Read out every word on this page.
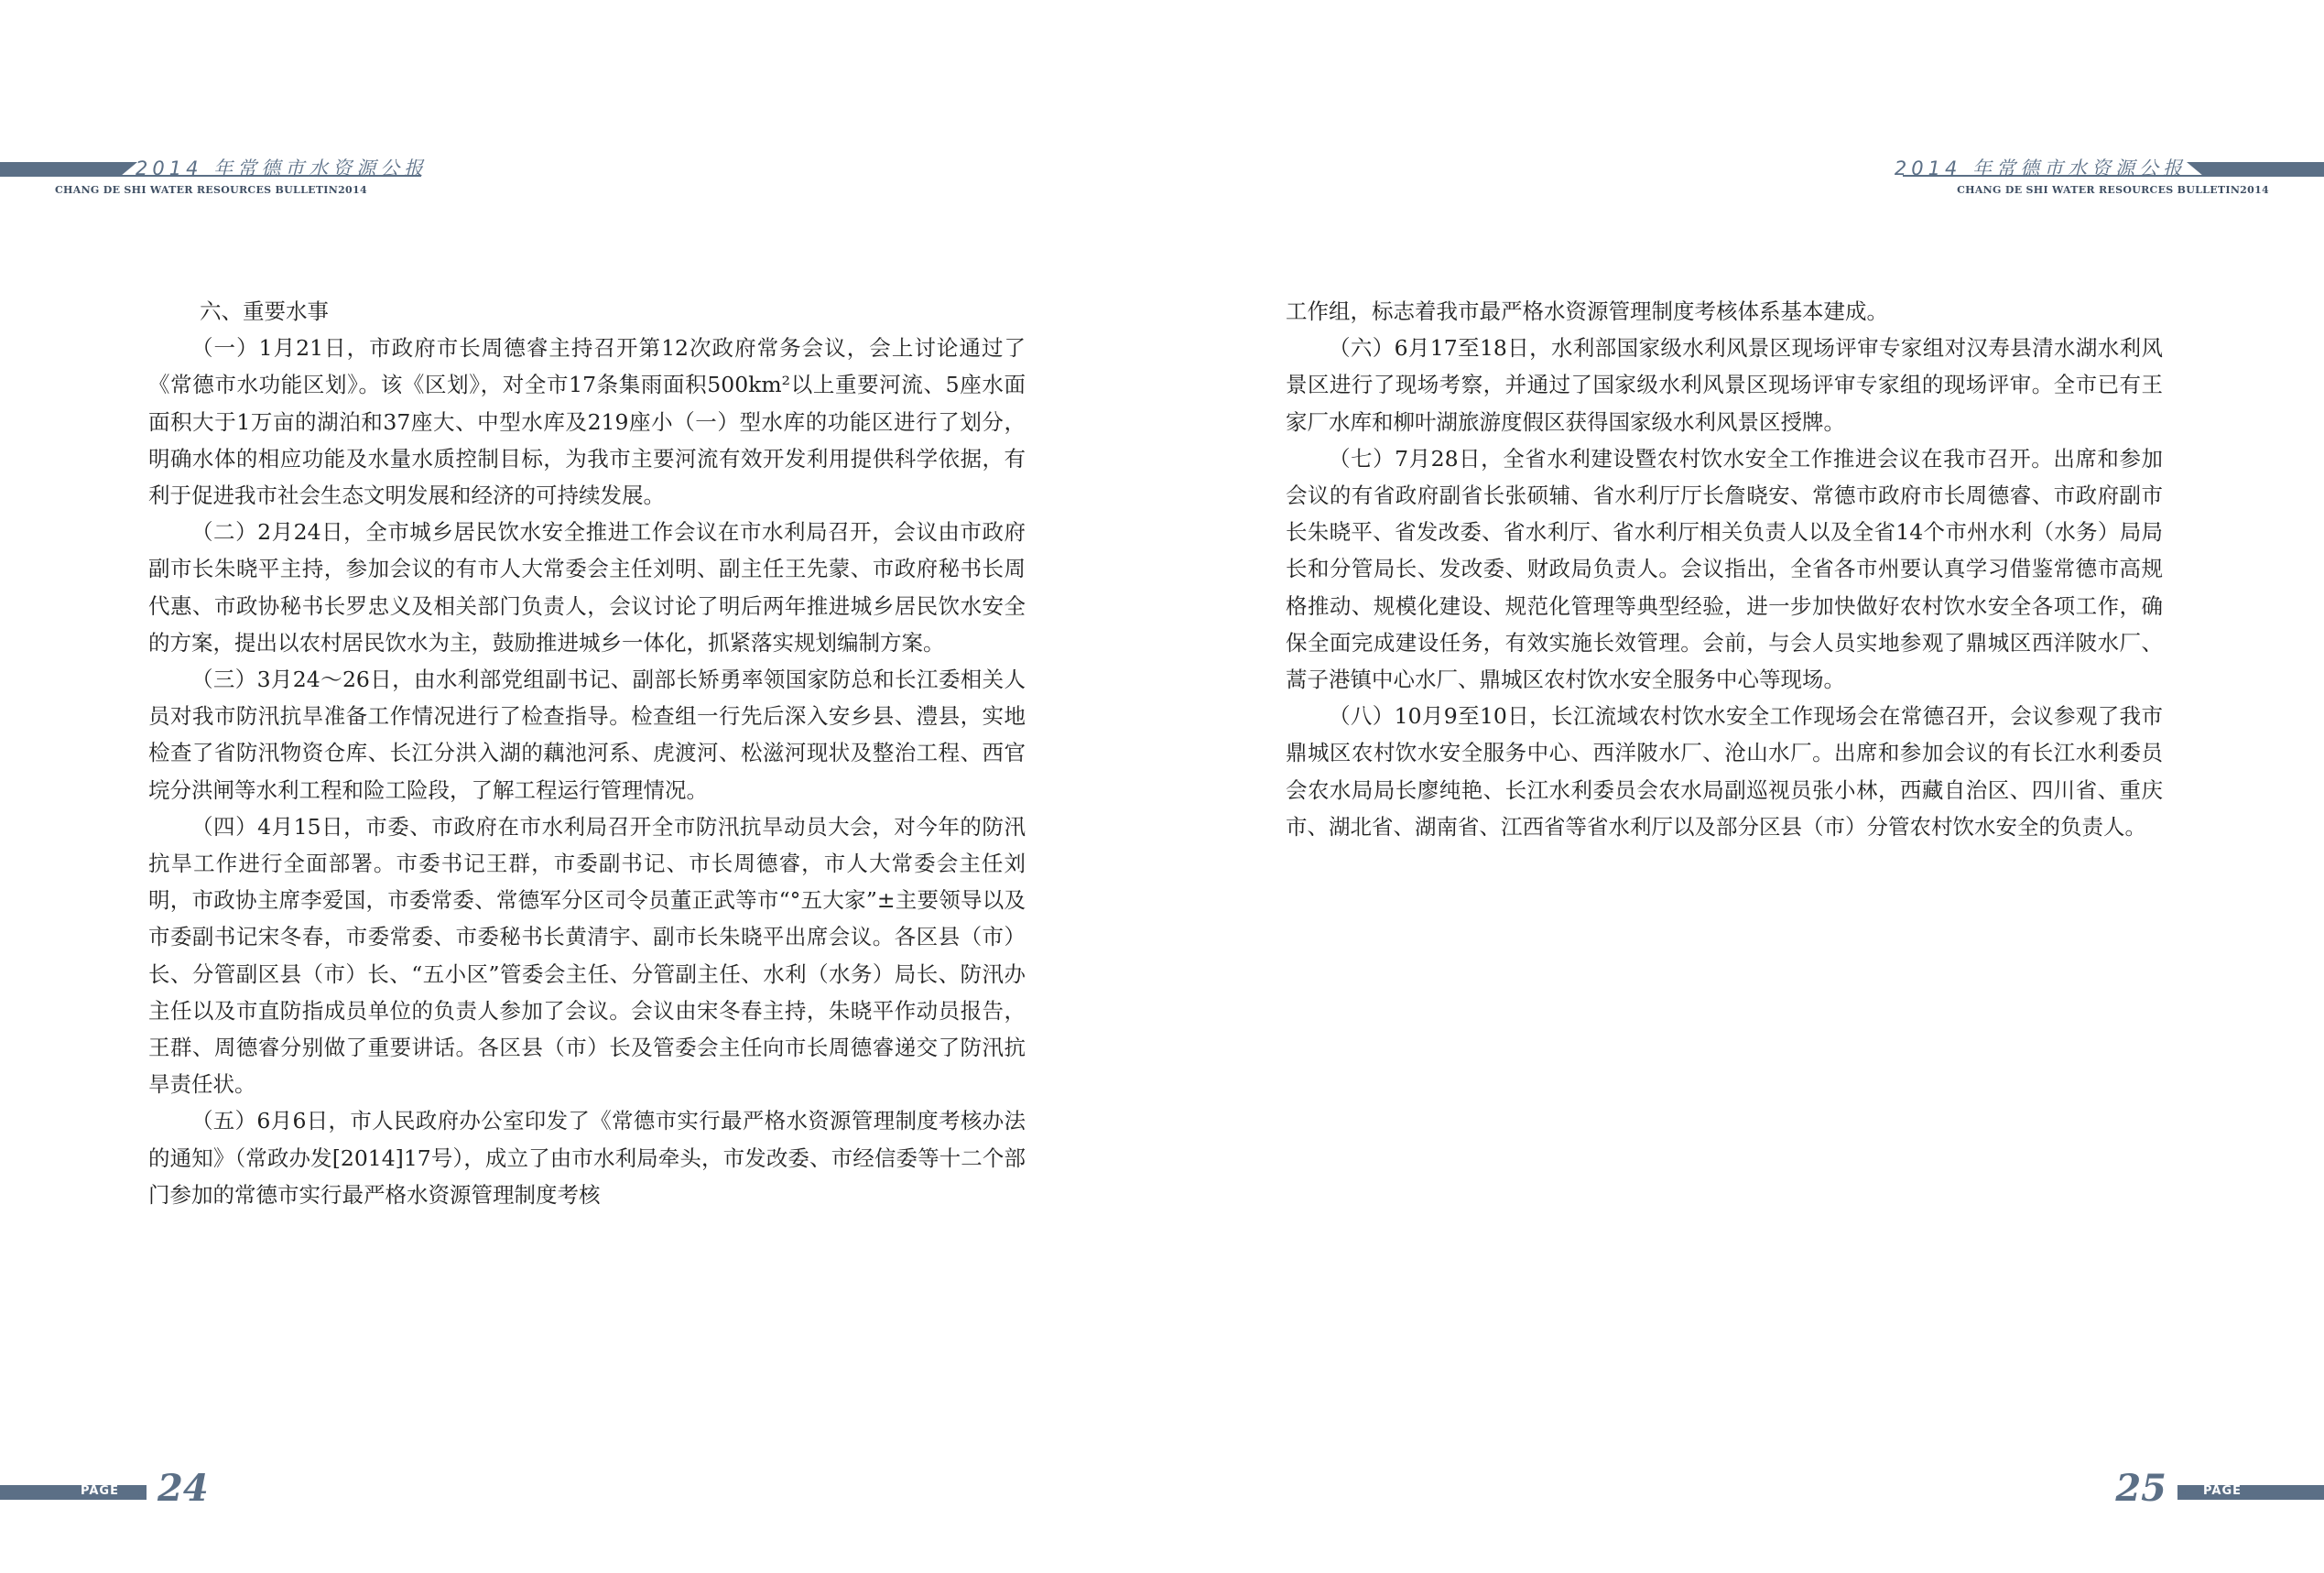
2014 年常德市水资源公报
CHANG DE SHI WATER RESOURCES BULLETIN2014
六、重要水事

（一）1月21日，市政府市长周德睿主持召开第12次政府常务会议，会上讨论通过了《常德市水功能区划》。该《区划》，对全市17条集雨面积500km²以上重要河流、5座水面面积大于1万亩的湖泊和37座大、中型水库及219座小（一）型水库的功能区进行了划分，明确水体的相应功能及水量水质控制目标，为我市主要河流有效开发利用提供科学依据，有利于促进我市社会生态文明发展和经济的可持续发展。

（二）2月24日，全市城乡居民饮水安全推进工作会议在市水利局召开，会议由市政府副市长朱晓平主持，参加会议的有市人大常委会主任刘明、副主任王先蒙、市政府秘书长周代惠、市政协秘书长罗忠义及相关部门负责人，会议讨论了明后两年推进城乡居民饮水安全的方案，提出以农村居民饮水为主，鼓励推进城乡一体化，抓紧落实规划编制方案。

（三）3月24～26日，由水利部党组副书记、副部长矫勇率领国家防总和长江委相关人员对我市防汛抗旱准备工作情况进行了检查指导。检查组一行先后深入安乡县、澧县，实地检查了省防汛物资仓库、长江分洪入湖的藕池河系、虎渡河、松滋河现状及整治工程、西官垸分洪闸等水利工程和险工险段，了解工程运行管理情况。

（四）4月15日，市委、市政府在市水利局召开全市防汛抗旱动员大会，对今年的防汛抗旱工作进行全面部署。市委书记王群，市委副书记、市长周德睿，市人大常委会主任刘明，市政协主席李爱国，市委常委、常德军分区司令员董正武等市“°五大家”±主要领导以及市委副书记宋冬春，市委常委、市委秘书长黄清宇、副市长朱晓平出席会议。各区县（市）长、分管副区县（市）长、“五小区”管委会主任、分管副主任、水利（水务）局长、防汛办主任以及市直防指成员单位的负责人参加了会议。会议由宋冬春主持，朱晓平作动员报告，王群、周德睿分别做了重要讲话。各区县（市）长及管委会主任向市长周德睿递交了防汛抗旱责任状。

（五）6月6日，市人民政府办公室印发了《常德市实行最严格水资源管理制度考核办法的通知》（常政办发[2014]17号），成立了由市水利局牵头，市发改委、市经信委等十二个部门参加的常德市实行最严格水资源管理制度考核

PAGE » 24
2014 年常德市水资源公报
CHANG DE SHI WATER RESOURCES BULLETIN2014

工作组，标志着我市最严格水资源管理制度考核体系基本建成。

（六）6月17至18日，水利部国家级水利风景区现场评审专家组对汉寿县清水湖水利风景区进行了现场考察，并通过了国家级水利风景区现场评审专家组的现场评审。全市已有王家厂水库和柳叶湖旅游度假区获得国家级水利风景区授牌。

（七）7月28日，全省水利建设暨农村饮水安全工作推进会议在我市召开。出席和参加会议的有省政府副省长张硕辅、省水利厅厅长詹晓安、常德市政府市长周德睿、市政府副市长朱晓平、省发改委、省水利厅、省水利厅相关负责人以及全省14个市州水利（水务）局局长和分管局长、发改委、财政局负责人。会议指出，全省各市州要认真学习借鉴常德市高规格推动、规模化建设、规范化管理等典型经验，进一步加快做好农村饮水安全各项工作，确保全面完成建设任务，有效实施长效管理。会前，与会人员实地参观了鼎城区西洋陂水厂、蒿子港镇中心水厂、鼎城区农村饮水安全服务中心等现场。

（八）10月9至10日，长江流域农村饮水安全工作现场会在常德召开，会议参观了我市鼎城区农村饮水安全服务中心、西洋陂水厂、沧山水厂。出席和参加会议的有长江水利委员会农水局局长廖纯艳、长江水利委员会农水局副巡视员张小林，西藏自治区、四川省、重庆市、湖北省、湖南省、江西省等省水利厅以及部分区县（市）分管农村饮水安全的负责人。

« PAGE
25
